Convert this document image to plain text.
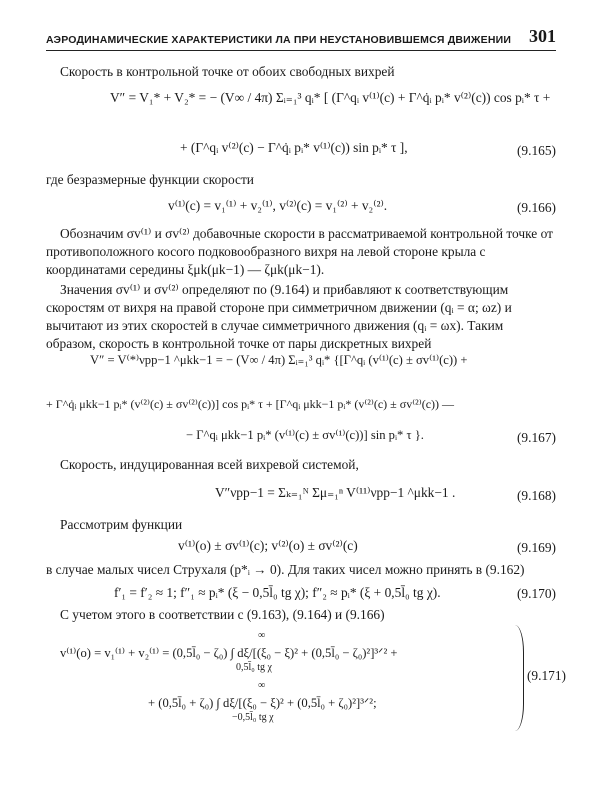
АЭРОДИНАМИЧЕСКИЕ ХАРАКТЕРИСТИКИ ЛА ПРИ НЕУСТАНОВИВШЕМСЯ ДВИЖЕНИИ 301
Скорость в контрольной точке от обоих свободных вихрей
V″ = V₁* + V₂* = − (V∞ / 4π) Σᵢ₌₁³ qᵢ* [ (Γ^qᵢ v⁽¹⁾(c) + Γ^q̇ᵢ pᵢ* v⁽²⁾(c)) cos pᵢ* τ +
+ (Γ^qᵢ v⁽²⁾(c) − Γ^q̇ᵢ pᵢ* v⁽¹⁾(c)) sin pᵢ* τ ],	(9.165)
где безразмерные функции скорости
v⁽¹⁾(c) = v₁⁽¹⁾ + v₂⁽¹⁾, v⁽²⁾(c) = v₁⁽²⁾ + v₂⁽²⁾.	(9.166)
Обозначим σv⁽¹⁾ и σv⁽²⁾ добавочные скорости в рассматриваемой контрольной точке от противоположного косого подковообразного вихря на левой стороне крыла с координатами середины ξμk(μk−1) — ζμk(μk−1).
Значения σv⁽¹⁾ и σv⁽²⁾ определяют по (9.164) и прибавляют к соответствующим скоростям от вихря на правой стороне при симметричном движении (qᵢ = α; ωz) и вычитают из этих скоростей в случае симметричного движения (qᵢ = ωx). Таким образом, скорость в контрольной точке от пары дискретных вихрей
V″ = V⁽*⁾νpp−1 ^μkk−1 = − (V∞ / 4π) Σᵢ₌₁³ qᵢ* {[Γ^qᵢ (v⁽¹⁾(c) ± σv⁽¹⁾(c)) +
+ Γ^q̇ᵢ μkk−1 pᵢ* (v⁽²⁾(c) ± σv⁽²⁾(c))] cos pᵢ* τ + [Γ^qᵢ μkk−1 pᵢ* (v⁽²⁾(c) ± σv⁽²⁾(c)) —
− Γ^qᵢ μkk−1 pᵢ* (v⁽¹⁾(c) ± σv⁽¹⁾(c))] sin pᵢ* τ }.	(9.167)
Скорость, индуцированная всей вихревой системой,
V″νpp−1 = Σₖ₌₁ᴺ Σμ₌₁ⁿ V⁽¹¹⁾νpp−1 ^μkk−1 .	(9.168)
Рассмотрим функции
v⁽¹⁾(o) ± σv⁽¹⁾(c); v⁽²⁾(o) ± σv⁽²⁾(c)	(9.169)
в случае малых чисел Струхаля (p*ᵢ → 0). Для таких чисел можно принять в (9.162)
f′₁ = f′₂ ≈ 1; f″₁ ≈ pᵢ* (ξ − 0,5l̄₀ tg χ); f″₂ ≈ pᵢ* (ξ + 0,5l̄₀ tg χ).	(9.170)
С учетом этого в соответствии с (9.163), (9.164) и (9.166)
∞
v⁽¹⁾(o) = v₁⁽¹⁾ + v₂⁽¹⁾ = (0,5l̄₀ − ζ₀) ∫ dξ/[(ξ₀ − ξ)² + (0,5l̄₀ − ζ₀)²]³ᐟ² +
0,5l̄₀ tg χ
∞
+ (0,5l̄₀ + ζ₀) ∫ dξ/[(ξ₀ − ξ)² + (0,5l̄₀ + ζ₀)²]³ᐟ²;
−0,5l̄₀ tg χ
(9.171)
